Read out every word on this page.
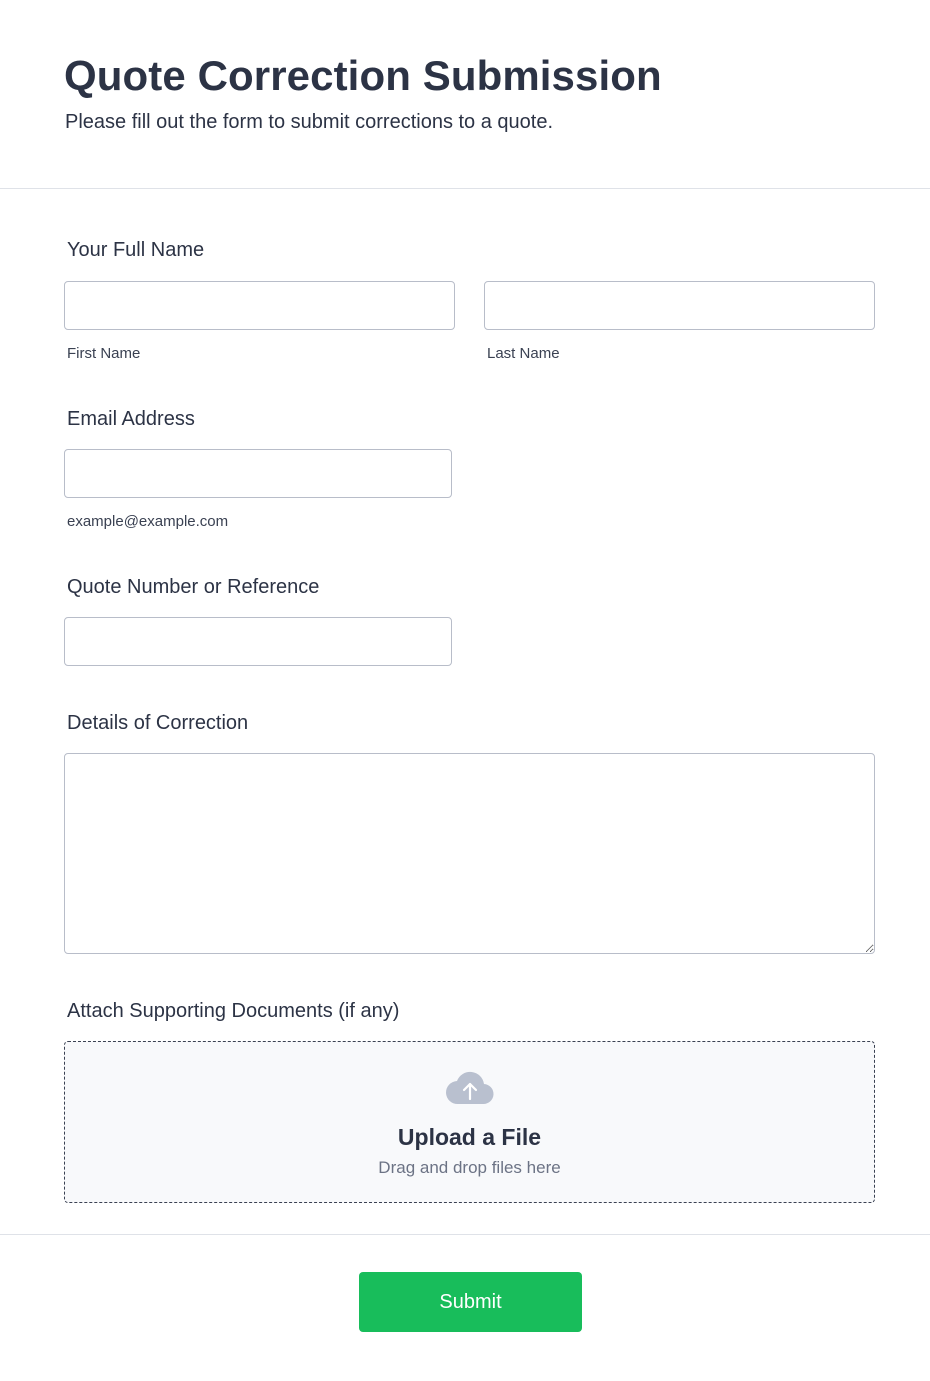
Quote Correction Submission
Please fill out the form to submit corrections to a quote.
Your Full Name
First Name	Last Name
Email Address
example@example.com
Quote Number or Reference
Details of Correction
Attach Supporting Documents (if any)
Upload a File
Drag and drop files here
Submit
